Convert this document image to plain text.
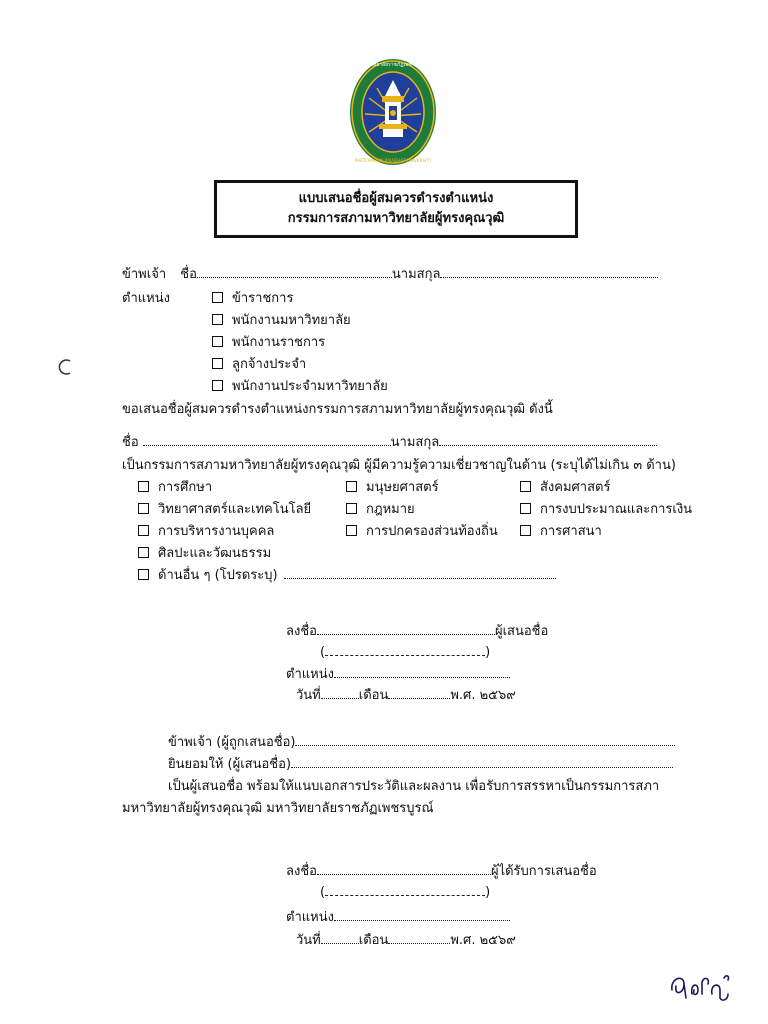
มหาวิทยาลัยราชภัฏเพชรบูรณ์
PHETCHABUN RAJABHAT UNIVERSITY
แบบเสนอชื่อผู้สมควรดำรงตำแหน่ง
กรรมการสภามหาวิทยาลัยผู้ทรงคุณวุฒิ
ข้าพเจ้า ชื่อ	นามสกุล
ตำแหน่ง	ข้าราชการ
พนักงานมหาวิทยาลัย
พนักงานราชการ
ลูกจ้างประจำ
พนักงานประจำมหาวิทยาลัย
ขอเสนอชื่อผู้สมควรดำรงตำแหน่งกรรมการสภามหาวิทยาลัยผู้ทรงคุณวุฒิ ดังนี้
ชื่อ	นามสกุล
เป็นกรรมการสภามหาวิทยาลัยผู้ทรงคุณวุฒิ ผู้มีความรู้ความเชี่ยวชาญในด้าน (ระบุได้ไม่เกิน ๓ ด้าน)
การศึกษา	มนุษยศาสตร์	สังคมศาสตร์
วิทยาศาสตร์และเทคโนโลยี	กฎหมาย	การงบประมาณและการเงิน
การบริหารงานบุคคล	การปกครองส่วนท้องถิ่น	การศาสนา
ศิลปะและวัฒนธรรม
ด้านอื่น ๆ (โปรดระบุ)
ลงชื่อ	ผู้เสนอชื่อ
(	)
ตำแหน่ง
วันที่	เดือน	พ.ศ. ๒๕๖๙
ข้าพเจ้า (ผู้ถูกเสนอชื่อ)
ยินยอมให้ (ผู้เสนอชื่อ)
เป็นผู้เสนอชื่อ พร้อมให้แนบเอกสารประวัติและผลงาน เพื่อรับการสรรหาเป็นกรรมการสภา
มหาวิทยาลัยผู้ทรงคุณวุฒิ มหาวิทยาลัยราชภัฏเพชรบูรณ์
ลงชื่อ	ผู้ได้รับการเสนอชื่อ
(	)
ตำแหน่ง
วันที่	เดือน	พ.ศ. ๒๕๖๙
